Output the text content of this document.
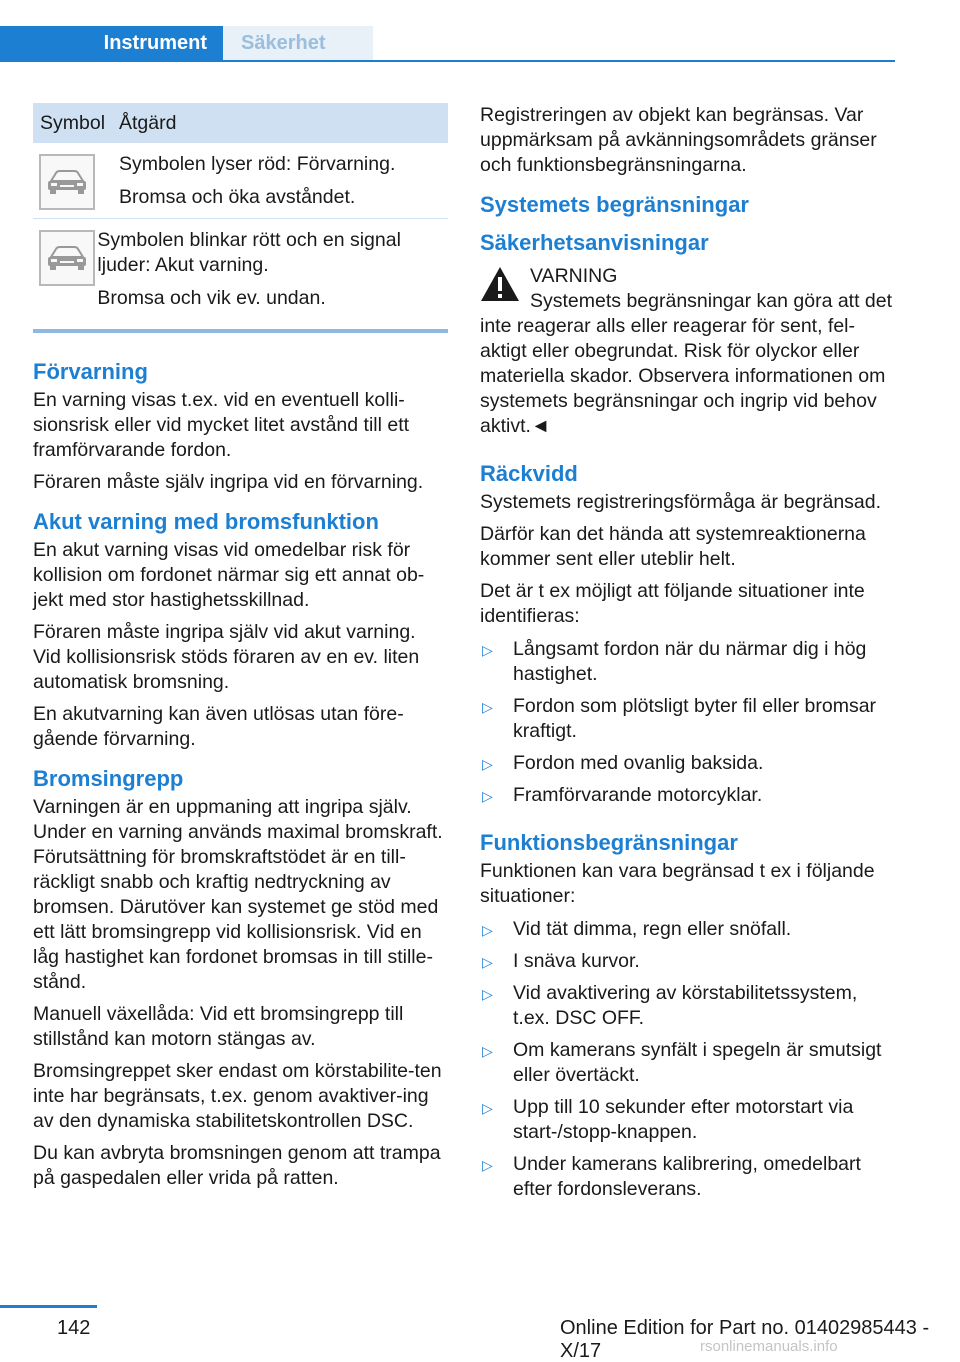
Instrument	Säkerhet
Symbol Åtgärd

Symbolen lyser röd: Förvarning.

Bromsa och öka avståndet.

Symbolen blinkar rött och en signal ljuder: Akut varning.

Bromsa och vik ev. undan.

Förvarning

En varning visas t.ex. vid en eventuell kolli-sionsrisk eller vid mycket litet avstånd till ett framförvarande fordon.

Föraren måste själv ingripa vid en förvarning.

Akut varning med bromsfunktion

En akut varning visas vid omedelbar risk för kollision om fordonet närmar sig ett annat ob-jekt med stor hastighetsskillnad.

Föraren måste ingripa själv vid akut varning. Vid kollisionsrisk stöds föraren av en ev. liten automatisk bromsning.

En akutvarning kan även utlösas utan före-gående förvarning.

Bromsingrepp

Varningen är en uppmaning att ingripa själv. Under en varning används maximal bromskraft. Förutsättning för bromskraftstödet är en till-räckligt snabb och kraftig nedtryckning av bromsen. Därutöver kan systemet ge stöd med ett lätt bromsingrepp vid kollisionsrisk. Vid en låg hastighet kan fordonet bromsas in till stille-stånd.

Manuell växellåda: Vid ett bromsingrepp till stillstånd kan motorn stängas av.

Bromsingreppet sker endast om körstabilite-ten inte har begränsats, t.ex. genom avaktiver-ing av den dynamiska stabilitetskontrollen DSC.

Du kan avbryta bromsningen genom att trampa på gaspedalen eller vrida på ratten.

Registreringen av objekt kan begränsas. Var uppmärksam på avkänningsområdets gränser och funktionsbegränsningarna.

Systemets begränsningar
Säkerhetsanvisningar

VARNING

Systemets begränsningar kan göra att det inte reagerar alls eller reagerar för sent, fel-aktigt eller obegrundat. Risk för olyckor eller materiella skador. Observera informationen om systemets begränsningar och ingrip vid behov aktivt.◄

Räckvidd

Systemets registreringsförmåga är begränsad.

Därför kan det hända att systemreaktionerna kommer sent eller uteblir helt.

Det är t ex möjligt att följande situationer inte identifieras:

▷ Långsamt fordon när du närmar dig i hög hastighet.
▷ Fordon som plötsligt byter fil eller bromsar kraftigt.
▷ Fordon med ovanlig baksida.
▷ Framförvarande motorcyklar.
Funktionsbegränsningar

Funktionen kan vara begränsad t ex i följande situationer:

▷ Vid tät dimma, regn eller snöfall.
▷ I snäva kurvor.
▷ Vid avaktivering av körstabilitetssystem, t.ex. DSC OFF.
▷ Om kamerans synfält i spegeln är smutsigt eller övertäckt.
▷ Upp till 10 sekunder efter motorstart via start-/stopp-knappen.
▷ Under kamerans kalibrering, omedelbart efter fordonsleverans.
142	Online Edition for Part no. 01402985443 - X/17	rsonlinemanuals.info
